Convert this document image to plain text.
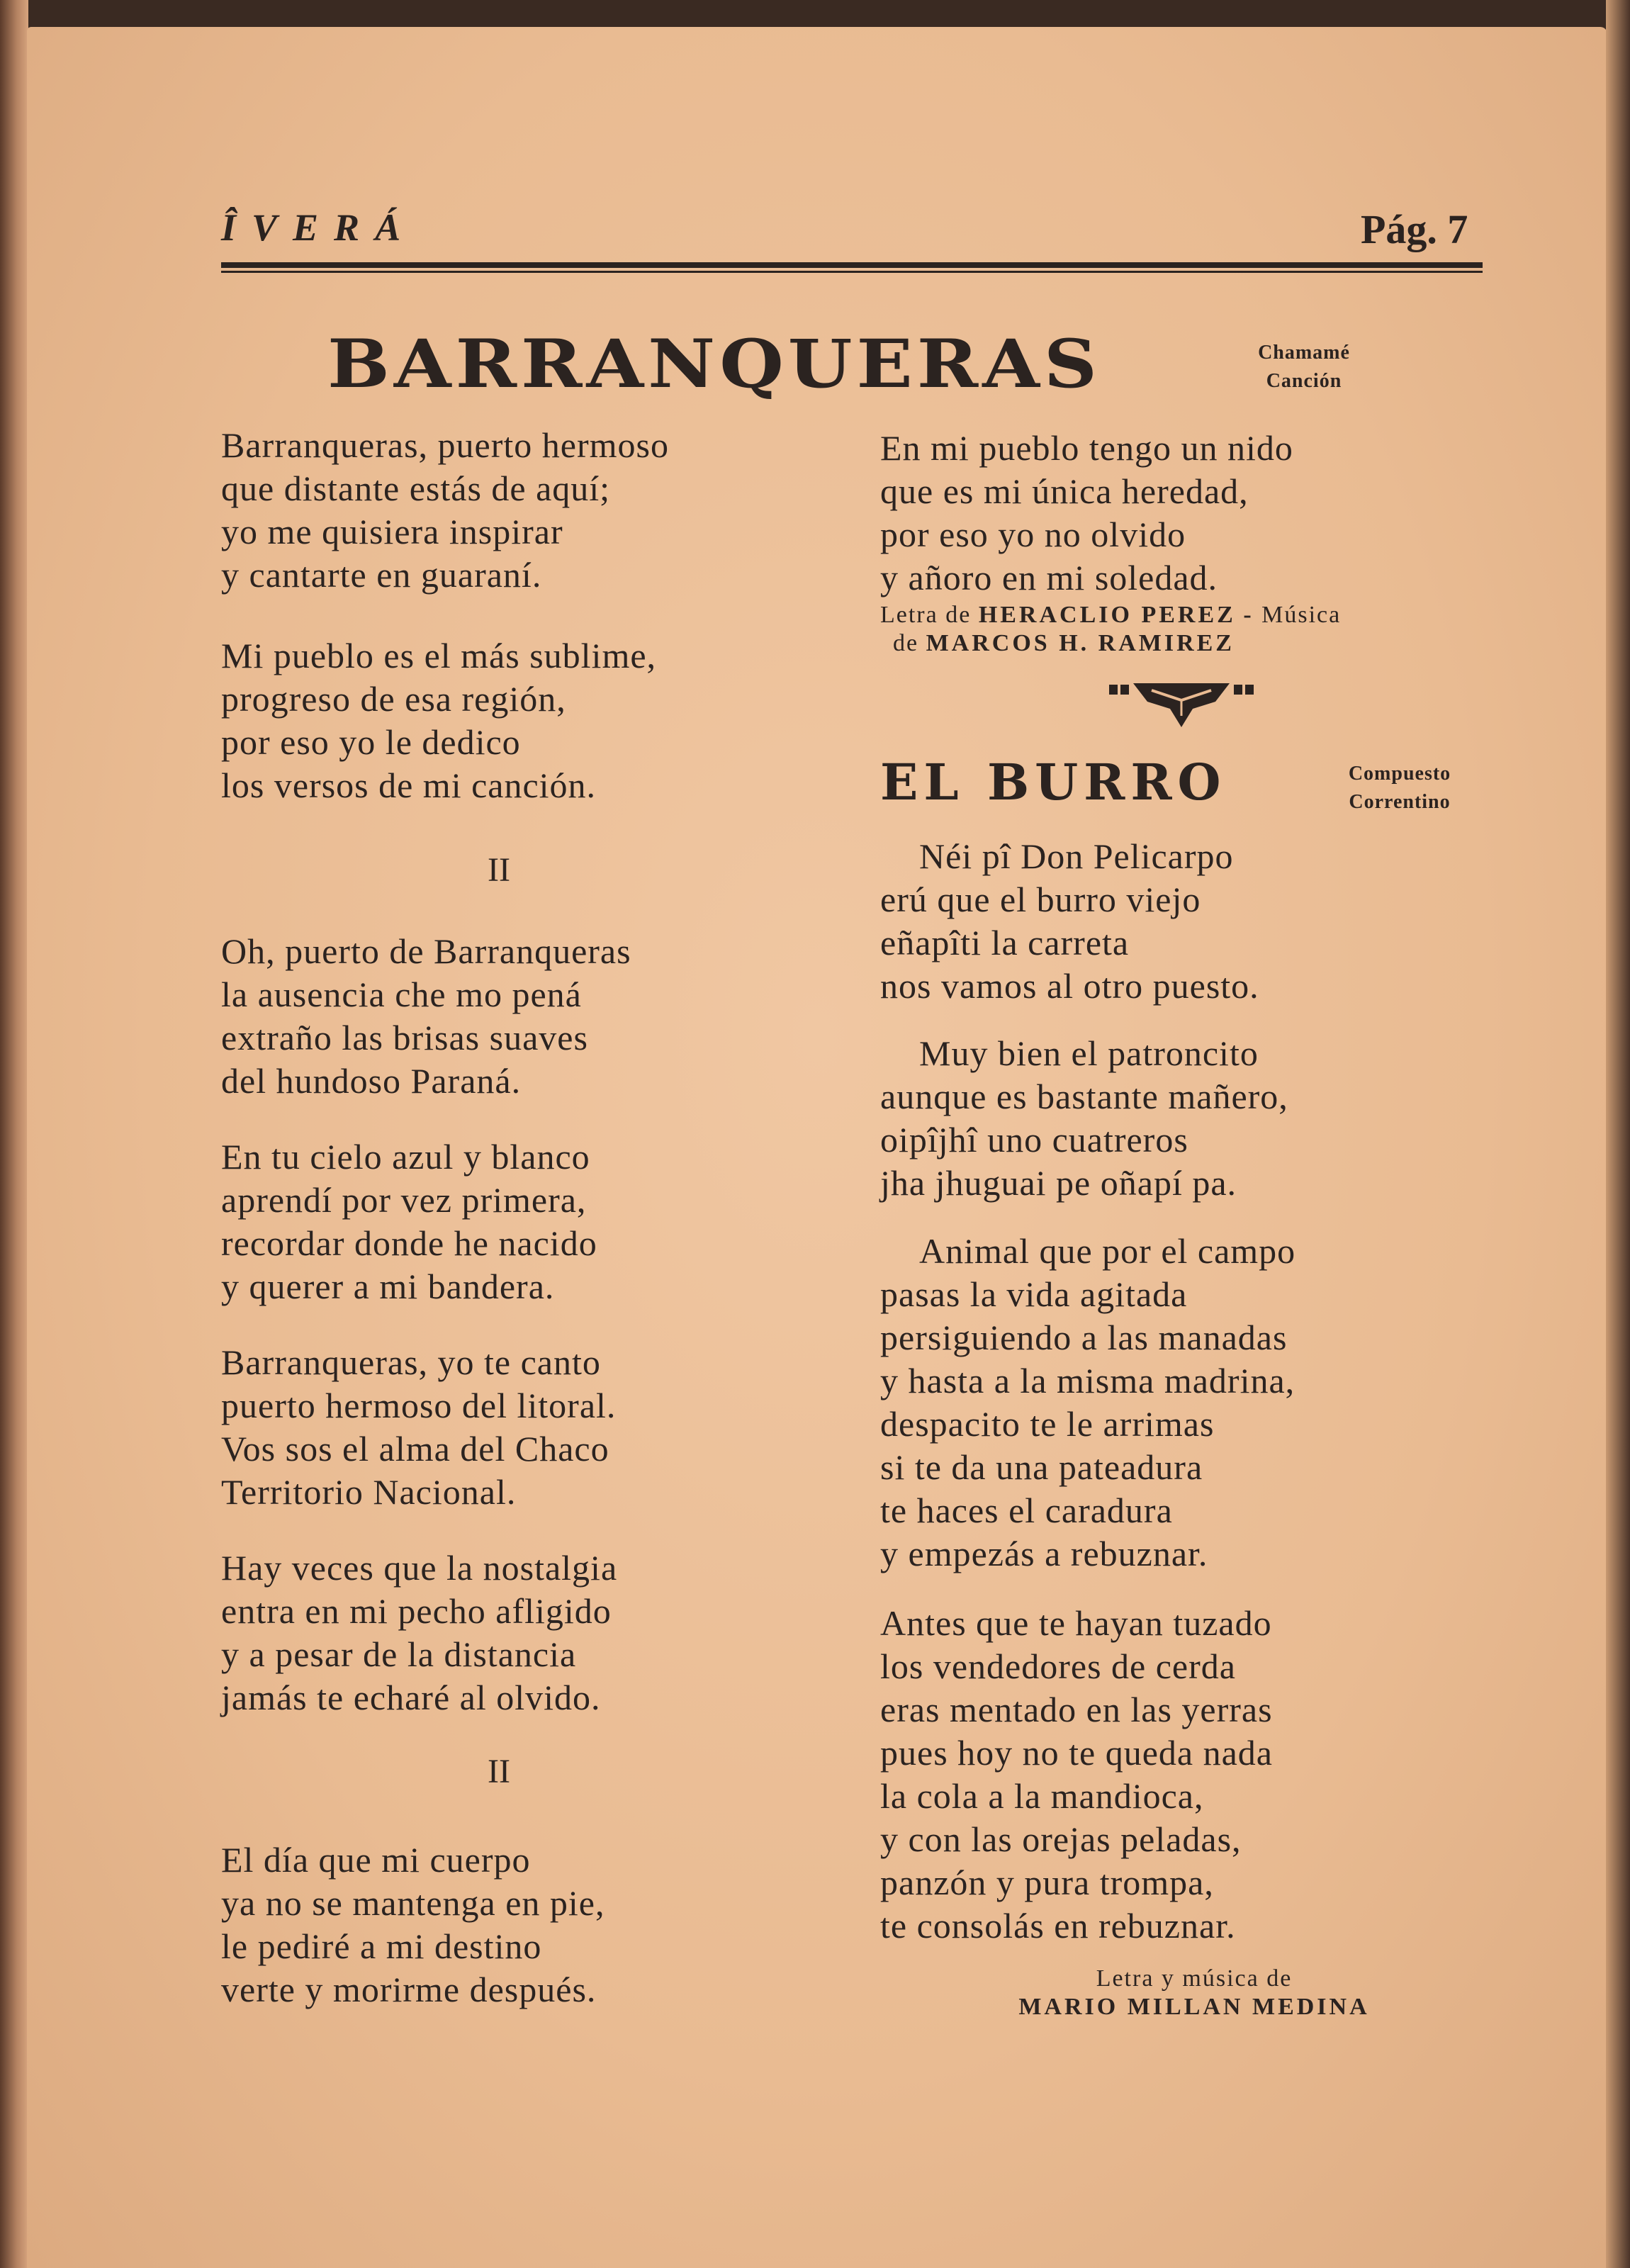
ÎVERÁ	Pág. 7
BARRANQUERAS	Chamamé
Canción
El día que mi cuerpo
ya no se mantenga en pie,
le pediré a mi destino
verte y morirme después.
Hay veces que la nostalgia
entra en mi pecho afligido
y a pesar de la distancia
jamás te echaré al olvido.
Barranqueras, yo te canto
puerto hermoso del litoral.
Vos sos el alma del Chaco
Territorio Nacional.
En tu cielo azul y blanco
aprendí por vez primera,
recordar donde he nacido
y querer a mi bandera.
Oh, puerto de Barranqueras
la ausencia che mo pená
extraño las brisas suaves
del hundoso Paraná.
Mi pueblo es el más sublime,
progreso de esa región,
por eso yo le dedico
los versos de mi canción.
Barranqueras, puerto hermoso
que distante estás de aquí;
yo me quisiera inspirar
y cantarte en guaraní.
II
II
En mi pueblo tengo un nido
que es mi única heredad,
por eso yo no olvido
y añoro en mi soledad.
Letra de HERACLIO PEREZ - Música
de MARCOS H. RAMIREZ
EL BURRO	Compuesto
Correntino
Antes que te hayan tuzado
los vendedores de cerda
eras mentado en las yerras
pues hoy no te queda nada
la cola a la mandioca,
y con las orejas peladas,
panzón y pura trompa,
te consolás en rebuznar.
Animal que por el campo
pasas la vida agitada
persiguiendo a las manadas
y hasta a la misma madrina,
despacito te le arrimas
si te da una pateadura
te haces el caradura
y empezás a rebuznar.
Muy bien el patroncito
aunque es bastante mañero,
oipîjhî uno cuatreros
jha jhuguai pe oñapí pa.
Néi pî Don Pelicarpo
erú que el burro viejo
eñapîti la carreta
nos vamos al otro puesto.
Letra y música de
MARIO MILLAN MEDINA
